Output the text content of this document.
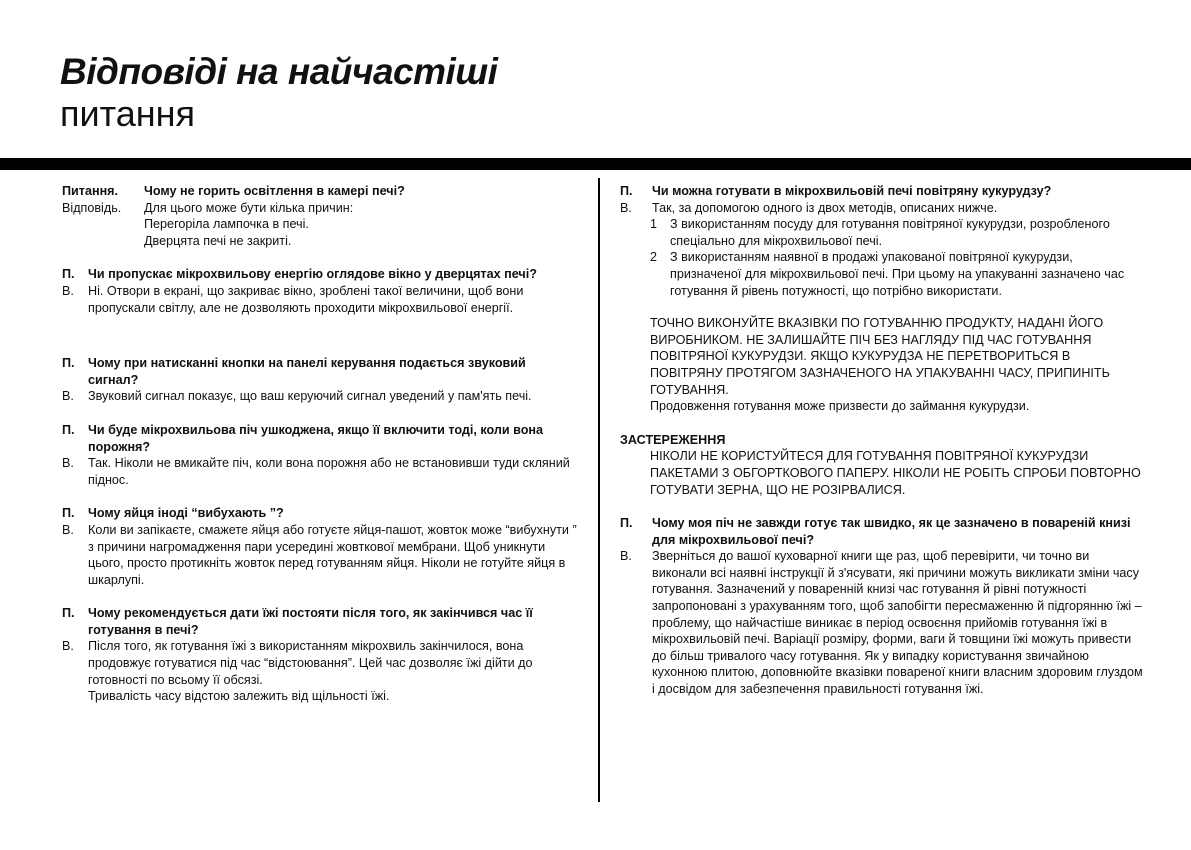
Відповіді на найчастіші
питання
Питання.	Чому не горить освітлення в камері печі?
Відповідь.	Для цього може бути кілька причин:
Перегоріла лампочка в печі.
Дверцята печі не закриті.
П.	Чи пропускає мікрохвильову енергію оглядове вікно у дверцятах печі?
В.	Ні. Отвори в екрані, що закриває вікно, зроблені такої величини, щоб вони пропускали світлу, але не дозволяють проходити мікрохвильової енергії.
П.	Чому при натисканні кнопки на панелі керування подається звуковий сигнал?
В.	Звуковий сигнал показує, що ваш керуючий сигнал уведений у пам'ять печі.
П.	Чи буде мікрохвильова піч ушкоджена, якщо її включити тоді, коли вона порожня?
В.	Так. Ніколи не вмикайте піч, коли вона порожня або не встановивши туди скляний піднос.
П.	Чому яйця іноді “вибухають ”?
В.	Коли ви запікаєте, смажете яйця або готуєте яйця-пашот, жовток може “вибухнути ” з причини нагромадження пари усередині жовткової мембрани. Щоб уникнути цього, просто протикніть жовток перед готуванням яйця. Ніколи не готуйте яйця в шкарлупі.
П.	Чому рекомендується дати їжі постояти після того, як закінчився час її готування в печі?
В.	Після того, як готування їжі з використанням мікрохвиль закінчилося, вона продовжує готуватися під час “відстоювання”. Цей час дозволяє їжі дійти до готовності по всьому її обсязі.
Тривалість часу відстою залежить від щільності їжі.
П.	Чи можна готувати в мікрохвильовій печі повітряну кукурудзу?
В.	Так, за допомогою одного із двох методів, описаних нижче.
1	З використанням посуду для готування повітряної кукурудзи, розробленого спеціально для мікрохвильової печі.
2	З використанням наявної в продажі упакованої повітряної кукурудзи, призначеної для мікрохвильової печі. При цьому на упакуванні зазначено час готування й рівень потужності, що потрібно використати.
ТОЧНО ВИКОНУЙТЕ ВКАЗІВКИ ПО ГОТУВАННЮ ПРОДУКТУ, НАДАНІ ЙОГО ВИРОБНИКОМ. НЕ ЗАЛИШАЙТЕ ПІЧ БЕЗ НАГЛЯДУ ПІД ЧАС ГОТУВАННЯ ПОВІТРЯНОЇ КУКУРУДЗИ. ЯКЩО КУКУРУДЗА НЕ ПЕРЕТВОРИТЬСЯ В ПОВІТРЯНУ ПРОТЯГОМ ЗАЗНАЧЕНОГО НА УПАКУВАННІ ЧАСУ, ПРИПИНІТЬ ГОТУВАННЯ.
Продовження готування може призвести до займання кукурудзи.
ЗАСТЕРЕЖЕННЯ
НІКОЛИ НЕ КОРИСТУЙТЕСЯ ДЛЯ ГОТУВАННЯ ПОВІТРЯНОЇ КУКУРУДЗИ ПАКЕТАМИ З ОБГОРТКОВОГО ПАПЕРУ. НІКОЛИ НЕ РОБІТЬ СПРОБИ ПОВТОРНО ГОТУВАТИ ЗЕРНА, ЩО НЕ РОЗІРВАЛИСЯ.
П.	Чому моя піч не завжди готує так швидко, як це зазначено в повареній книзі для мікрохвильової печі?
В.	Зверніться до вашої куховарної книги ще раз, щоб перевірити, чи точно ви виконали всі наявні інструкції й з'ясувати, які причини можуть викликати зміни часу готування. Зазначений у поваренній книзі час готування й рівні потужності запропоновані з урахуванням того, щоб запобігти пересмаженню й підгорянню їжі – проблему, що найчастіше виникає в період освоєння прийомів готування їжі в мікрохвильовій печі. Варіації розміру, форми, ваги й товщини їжі можуть привести до більш тривалого часу готування. Як у випадку користування звичайною кухонною плитою, доповнюйте вказівки повареної книги власним здоровим глуздом і досвідом для забезпечення правильності готування їжі.
